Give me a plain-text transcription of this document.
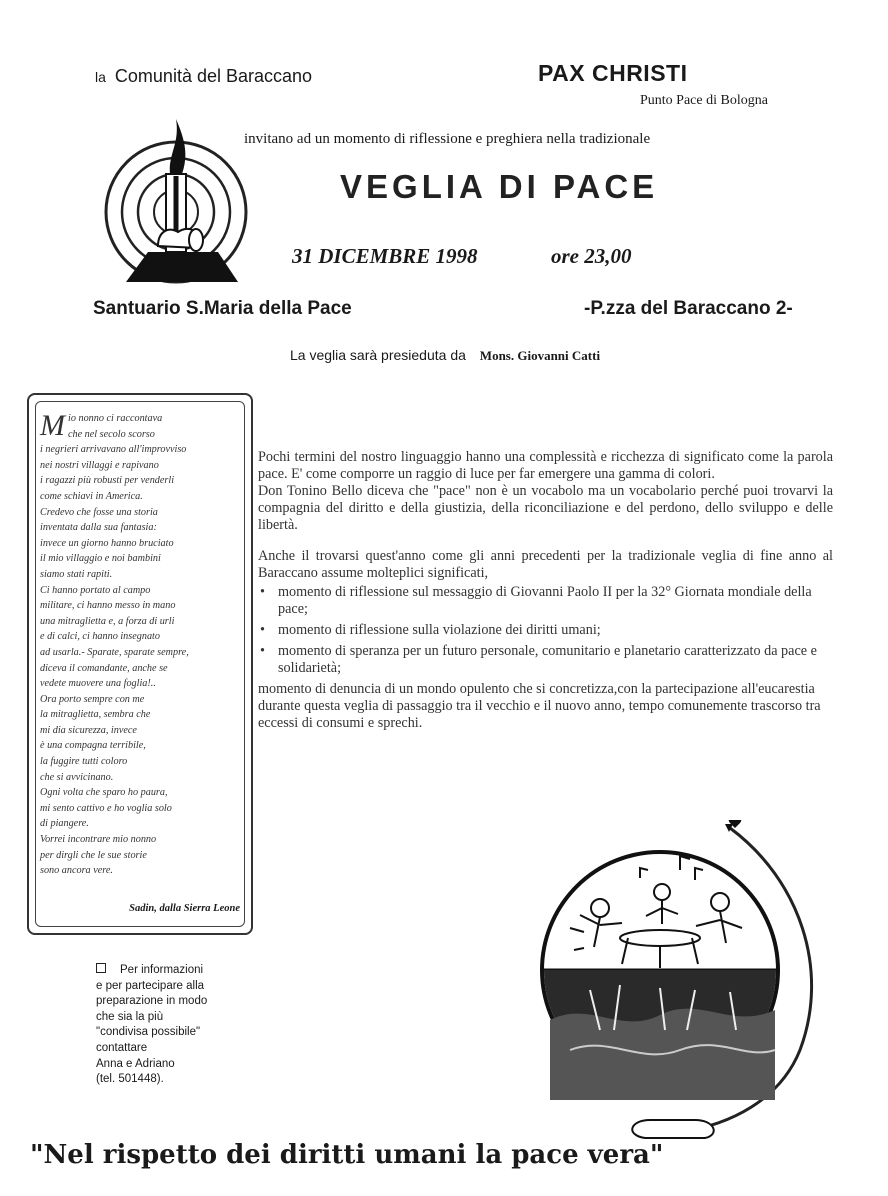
la Comunità del Baraccano	PAX CHRISTI
Punto Pace di Bologna
invitano ad un momento di riflessione e preghiera nella tradizionale
VEGLIA DI PACE
31 DICEMBRE 1998	ore 23,00
Santuario S.Maria della Pace	-P.zza del Baraccano 2-
La veglia sarà presieduta da Mons. Giovanni Catti
Mio nonno ci raccontava
che nel secolo scorso
i negrieri arrivavano all'improvviso
nei nostri villaggi e rapivano
i ragazzi più robusti per venderli
come schiavi in America.
Credevo che fosse una storia
inventata dalla sua fantasia:
invece un giorno hanno bruciato
il mio villaggio e noi bambini
siamo stati rapiti.
Ci hanno portato al campo
militare, ci hanno messo in mano
una mitraglietta e, a forza di urli
e di calci, ci hanno insegnato
ad usarla.- Sparate, sparate sempre,
diceva il comandante, anche se
vedete muovere una foglia!..
Ora porto sempre con me
la mitraglietta, sembra che
mi dia sicurezza, invece
è una compagna terribile,
la fuggire tutti coloro
che si avvicinano.
Ogni volta che sparo ho paura,
mi sento cattivo e ho voglia solo
di piangere.
Vorrei incontrare mio nonno
per dirgli che le sue storie
sono ancora vere.
Sadin, dalla Sierra Leone
Per informazioni
e per partecipare alla
preparazione in modo
che sia la più
"condivisa possibile"
contattare
Anna e Adriano
(tel. 501448).

Pochi termini del nostro linguaggio hanno una complessità e ricchezza di significato come la parola pace. E' come comporre un raggio di luce per far emergere una gamma di colori.

Don Tonino Bello diceva che "pace" non è un vocabolo ma un vocabolario perché puoi trovarvi la compagnia del diritto e della giustizia, della riconciliazione e del perdono, dello sviluppo e delle libertà.

Anche il trovarsi quest'anno come gli anni precedenti per la tradizionale veglia di fine anno al Baraccano assume molteplici significati,

• momento di riflessione sul messaggio di Giovanni Paolo II per la 32° Giornata mondiale della pace;
• momento di riflessione sulla violazione dei diritti umani;
• momento di speranza per un futuro personale, comunitario e planetario caratterizzato da pace e solidarietà;
momento di denuncia di un mondo opulento che si concretizza,con la partecipazione all'eucarestia durante questa veglia di passaggio tra il vecchio e il nuovo anno, tempo comunemente trascorso tra eccessi di consumi e sprechi.
"Nel rispetto dei diritti umani la pace vera"
